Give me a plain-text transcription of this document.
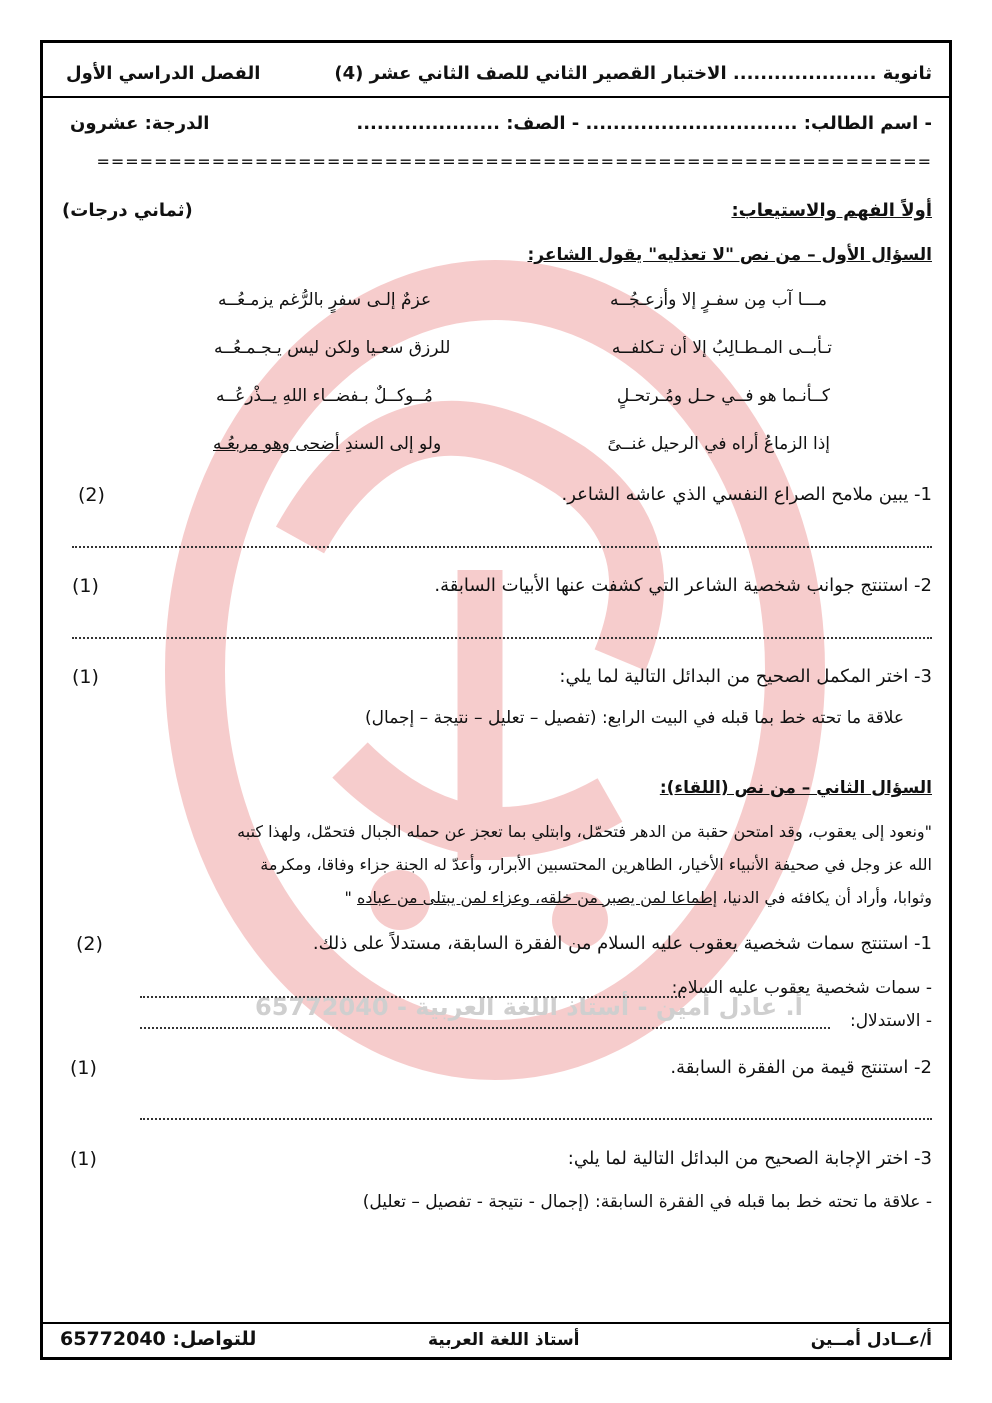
أ. عادل أمين - أستاذ اللغة العربية - 65772040
ثانوية ..................... الاختبار القصير الثاني للصف الثاني عشر (4)
الفصل الدراسي الأول
- اسم الطالب: ............................... - الصف: .....................
الدرجة: عشرون
==========================================================
أولاً الفهم والاستيعاب:
(ثماني درجات)
السؤال الأول – من نص "لا تعذليه" يقول الشاعر:
مـــا آب مِن سفـرٍ إلا وأزعـجُــه
عزمٌ إلـى سفرٍ بالرُّغم يزمـعُــه
تـأبــى المـطـالِبُ إلا أن تـكلفــه
للرزق سعـيا ولكن ليس يـجـمـعُــه
كــأنـما هو فــي حـل ومُـرتحـلٍ
مُــوكــلٌ بـفضــاء اللهِ يــذْرعُــه
إذا الزماعُ أراه في الرحيل غنــىً
ولو إلى السندِ أضحى وهو مربعُـه
1- يبين ملامح الصراع النفسي الذي عاشه الشاعر.
(2)
2- استنتج جوانب شخصية الشاعر التي كشفت عنها الأبيات السابقة.
(1)
3- اختر المكمل الصحيح من البدائل التالية لما يلي:
(1)
علاقة ما تحته خط بما قبله في البيت الرابع: (تفصيل – تعليل – نتيجة – إجمال)
السؤال الثاني – من نص (اللقاء):
"ونعود إلى يعقوب، وقد امتحن حقبة من الدهر فتحمّل، وابتلي بما تعجز عن حمله الجبال فتحمّل، ولهذا كتبه
الله عز وجل في صحيفة الأنبياء الأخيار، الطاهرين المحتسبين الأبرار، وأعدّ له الجنة جزاء وفاقا، ومكرمة
وثوابا، وأراد أن يكافئه في الدنيا، إطماعا لمن يصبر من خلقه، وعزاء لمن يبتلى من عباده "
1- استنتج سمات شخصية يعقوب عليه السلام من الفقرة السابقة، مستدلاً على ذلك.
(2)
- سمات شخصية يعقوب عليه السلام:
- الاستدلال:
2- استنتج قيمة من الفقرة السابقة.
(1)
3- اختر الإجابة الصحيح من البدائل التالية لما يلي:
(1)
- علاقة ما تحته خط بما قبله في الفقرة السابقة: (إجمال - نتيجة - تفصيل – تعليل)
أ/عــادل أمــين
أستاذ اللغة العربية
للتواصل: 65772040
